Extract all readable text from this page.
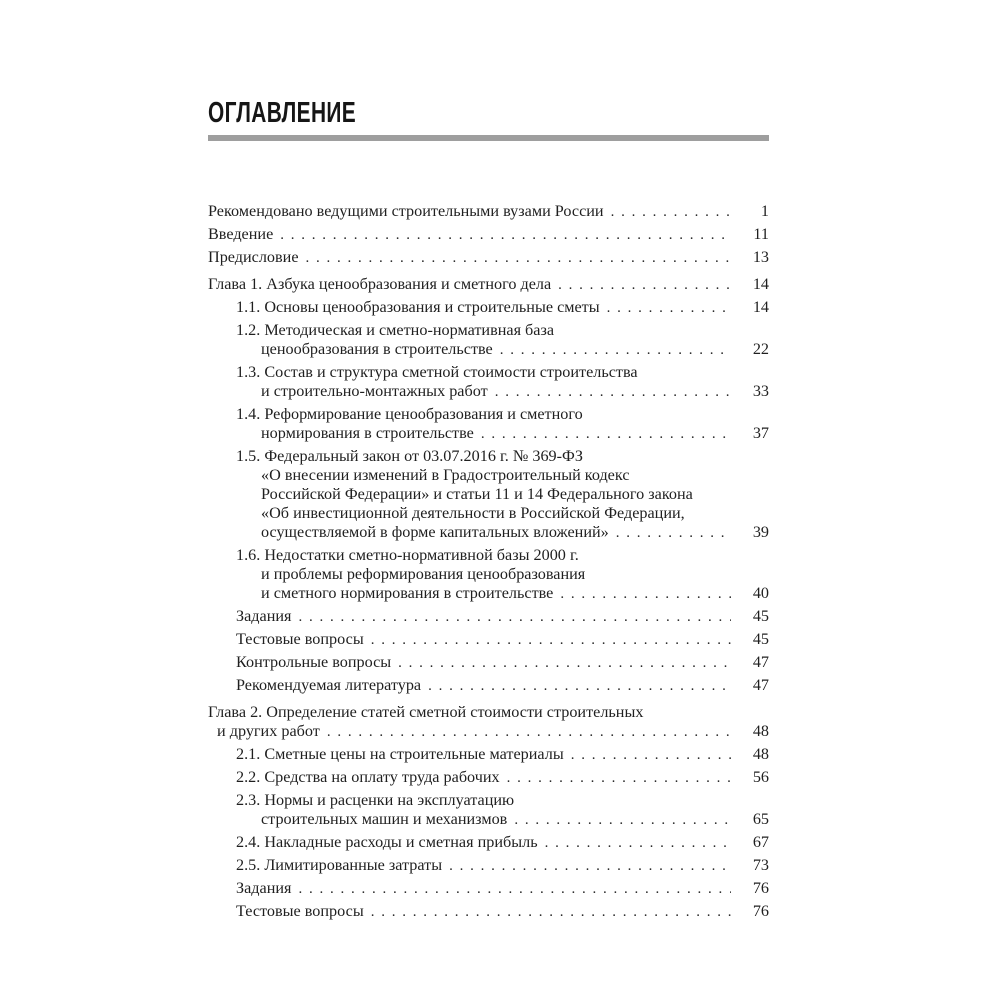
ОГЛАВЛЕНИЕ
Рекомендовано ведущими строительными вузами России . . .	1
Введение . . .	11
Предисловие . . .	13
Глава 1. Азбука ценообразования и сметного дела . . .	14
1.1. Основы ценообразования и строительные сметы . . .	14
1.2. Методическая и сметно-нормативная база
ценообразования в строительстве . . .	22
1.3. Состав и структура сметной стоимости строительства
и строительно-монтажных работ . . .	33
1.4. Реформирование ценообразования и сметного
нормирования в строительстве . . .	37
1.5. Федеральный закон от 03.07.2016 г. № 369-ФЗ
«О внесении изменений в Градостроительный кодекс
Российской Федерации» и статьи 11 и 14 Федерального закона
«Об инвестиционной деятельности в Российской Федерации,
осуществляемой в форме капитальных вложений» . . .	39
1.6. Недостатки сметно-нормативной базы 2000 г.
и проблемы реформирования ценообразования
и сметного нормирования в строительстве . . .	40
Задания . . .	45
Тестовые вопросы . . .	45
Контрольные вопросы . . .	47
Рекомендуемая литература . . .	47
Глава 2. Определение статей сметной стоимости строительных
и других работ . . .	48
2.1. Сметные цены на строительные материалы . . .	48
2.2. Средства на оплату труда рабочих . . .	56
2.3. Нормы и расценки на эксплуатацию
строительных машин и механизмов . . .	65
2.4. Накладные расходы и сметная прибыль . . .	67
2.5. Лимитированные затраты . . .	73
Задания . . .	76
Тестовые вопросы . . .	76
